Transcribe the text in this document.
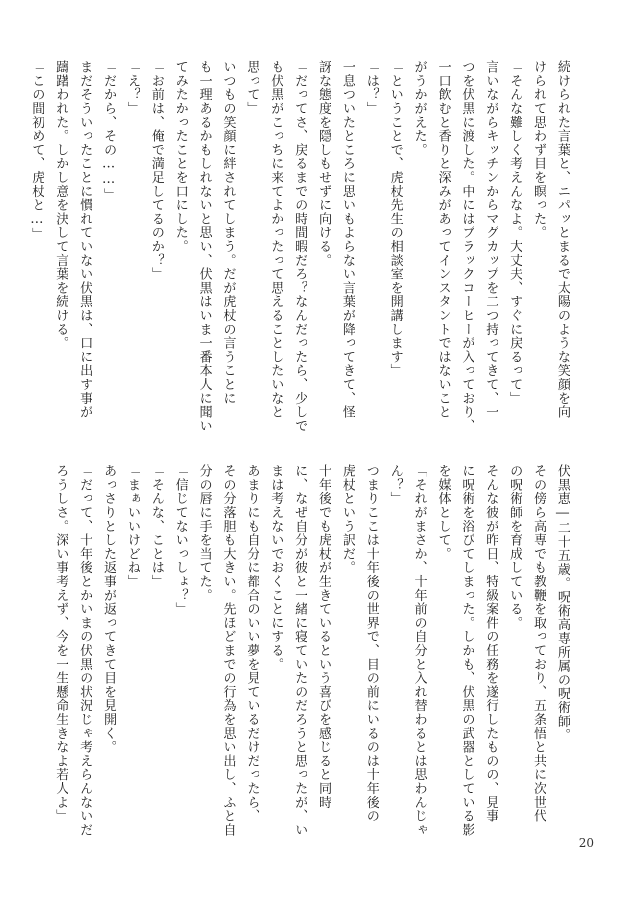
続けられた言葉と、ニパッとまるで太陽のような笑顔を向
けられて思わず目を瞑った。
「そんな難しく考えんなよ。大丈夫、すぐに戻るって」
言いながらキッチンからマグカップを二つ持ってきて、一
つを伏黒に渡した。中にはブラックコーヒーが入っており、
一口飲むと香りと深みがあってインスタントではないこと
がうかがえた。
「ということで、虎杖先生の相談室を開講します」
「は？」
一息ついたところに思いもよらない言葉が降ってきて、怪
訝な態度を隠しもせずに向ける。
「だってさ、戻るまでの時間暇だろ？なんだったら、少しで
も伏黒がこっちに来てよかったって思えることしたいなと
思って」
いつもの笑顔に絆されてしまう。だが虎杖の言うことに
も一理あるかもしれないと思い、伏黒はいま一番本人に聞い
てみたかったことを口にした。
「お前は、俺で満足してるのか？」
「え？」
「だから、その……」
まだそういったことに慣れていない伏黒は、口に出す事が
躊躇われた。しかし意を決して言葉を続ける。
「この間初めて、虎杖と…」
伏黒恵―二十五歳。呪術高専所属の呪術師。
その傍ら高専でも教鞭を取っており、五条悟と共に次世代
の呪術師を育成している。
そんな彼が昨日、特級案件の任務を遂行したものの、見事
に呪術を浴びてしまった。しかも、伏黒の武器としている影
を媒体として。
「それがまさか、十年前の自分と入れ替わるとは思わんじゃ
ん？」
つまりここは十年後の世界で、目の前にいるのは十年後の
虎杖という訳だ。
十年後でも虎杖が生きているという喜びを感じると同時
に、なぜ自分が彼と一緒に寝ていたのだろうと思ったが、い
まは考えないでおくことにする。
あまりにも自分に都合のいい夢を見ているだけだったら、
その分落胆も大きい。先ほどまでの行為を思い出し、ふと自
分の唇に手を当てた。
「信じてないっしょ？」
「そんな、ことは」
「まぁいいけどね」
あっさりとした返事が返ってきて目を見開く。
「だって、十年後とかいまの伏黒の状況じゃ考えらんないだ
ろうしさ。深い事考えず、今を一生懸命生きなよ若人よ」
20
